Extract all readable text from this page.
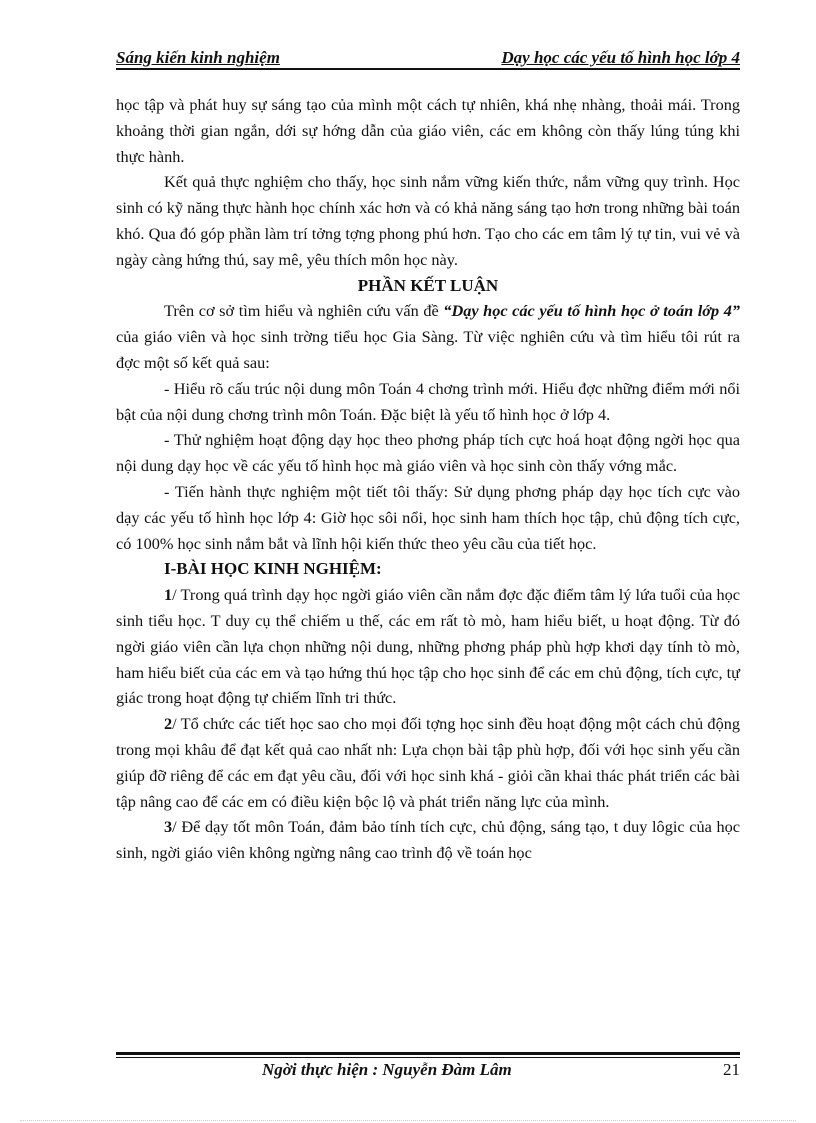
Sáng kiến kinh nghiệm	Dạy học các yếu tố hình học lớp 4

học tập và phát huy sự sáng tạo của mình một cách tự nhiên, khá nhẹ nhàng, thoải mái. Trong khoảng thời gian ngắn, dới sự hớng dẫn của giáo viên, các em không còn thấy lúng túng khi thực hành.

Kết quả thực nghiệm cho thấy, học sinh nắm vững kiến thức, nắm vững quy trình. Học sinh có kỹ năng thực hành học chính xác hơn và có khả năng sáng tạo hơn trong những bài toán khó. Qua đó góp phần làm trí tởng tợng phong phú hơn. Tạo cho các em tâm lý tự tin, vui vẻ và ngày càng hứng thú, say mê, yêu thích môn học này.

PHẦN KẾT LUẬN

Trên cơ sở tìm hiểu và nghiên cứu vấn đề “Dạy học các yếu tố hình học ở toán lớp 4” của giáo viên và học sinh trờng tiểu học Gia Sàng. Từ việc nghiên cứu và tìm hiểu tôi rút ra đợc một số kết quả sau:

- Hiểu rõ cấu trúc nội dung môn Toán 4 chơng trình mới. Hiểu đợc những điểm mới nổi bật của nội dung chơng trình môn Toán. Đặc biệt là yếu tố hình học ở lớp 4.

- Thử nghiệm hoạt động dạy học theo phơng pháp tích cực hoá hoạt động ngời học qua nội dung dạy học về các yếu tố hình học mà giáo viên và học sinh còn thấy vớng mắc.

- Tiến hành thực nghiệm một tiết tôi thấy: Sử dụng phơng pháp dạy học tích cực vào dạy các yếu tố hình học lớp 4: Giờ học sôi nổi, học sinh ham thích học tập, chủ động tích cực, có 100% học sinh nắm bắt và lĩnh hội kiến thức theo yêu cầu của tiết học.

I-BÀI HỌC KINH NGHIỆM:

1/ Trong quá trình dạy học ngời giáo viên cần nắm đợc đặc điểm tâm lý lứa tuổi của học sinh tiểu học. T duy cụ thể chiếm u thế, các em rất tò mò, ham hiểu biết, u hoạt động. Từ đó ngời giáo viên cần lựa chọn những nội dung, những phơng pháp phù hợp khơi dạy tính tò mò, ham hiểu biết của các em và tạo hứng thú học tập cho học sinh để các em chủ động, tích cực, tự giác trong hoạt động tự chiếm lĩnh tri thức.

2/ Tổ chức các tiết học sao cho mọi đối tợng học sinh đều hoạt động một cách chủ động trong mọi khâu để đạt kết quả cao nhất nh: Lựa chọn bài tập phù hợp, đối với học sinh yếu cần giúp đỡ riêng để các em đạt yêu cầu, đối với học sinh khá - giỏi cần khai thác phát triển các bài tập nâng cao để các em có điều kiện bộc lộ và phát triển năng lực của mình.

3/ Để dạy tốt môn Toán, đảm bảo tính tích cực, chủ động, sáng tạo, t duy lôgic của học sinh, ngời giáo viên không ngừng nâng cao trình độ về toán học

Ngời thực hiện : Nguyễn Đàm Lâm	21
